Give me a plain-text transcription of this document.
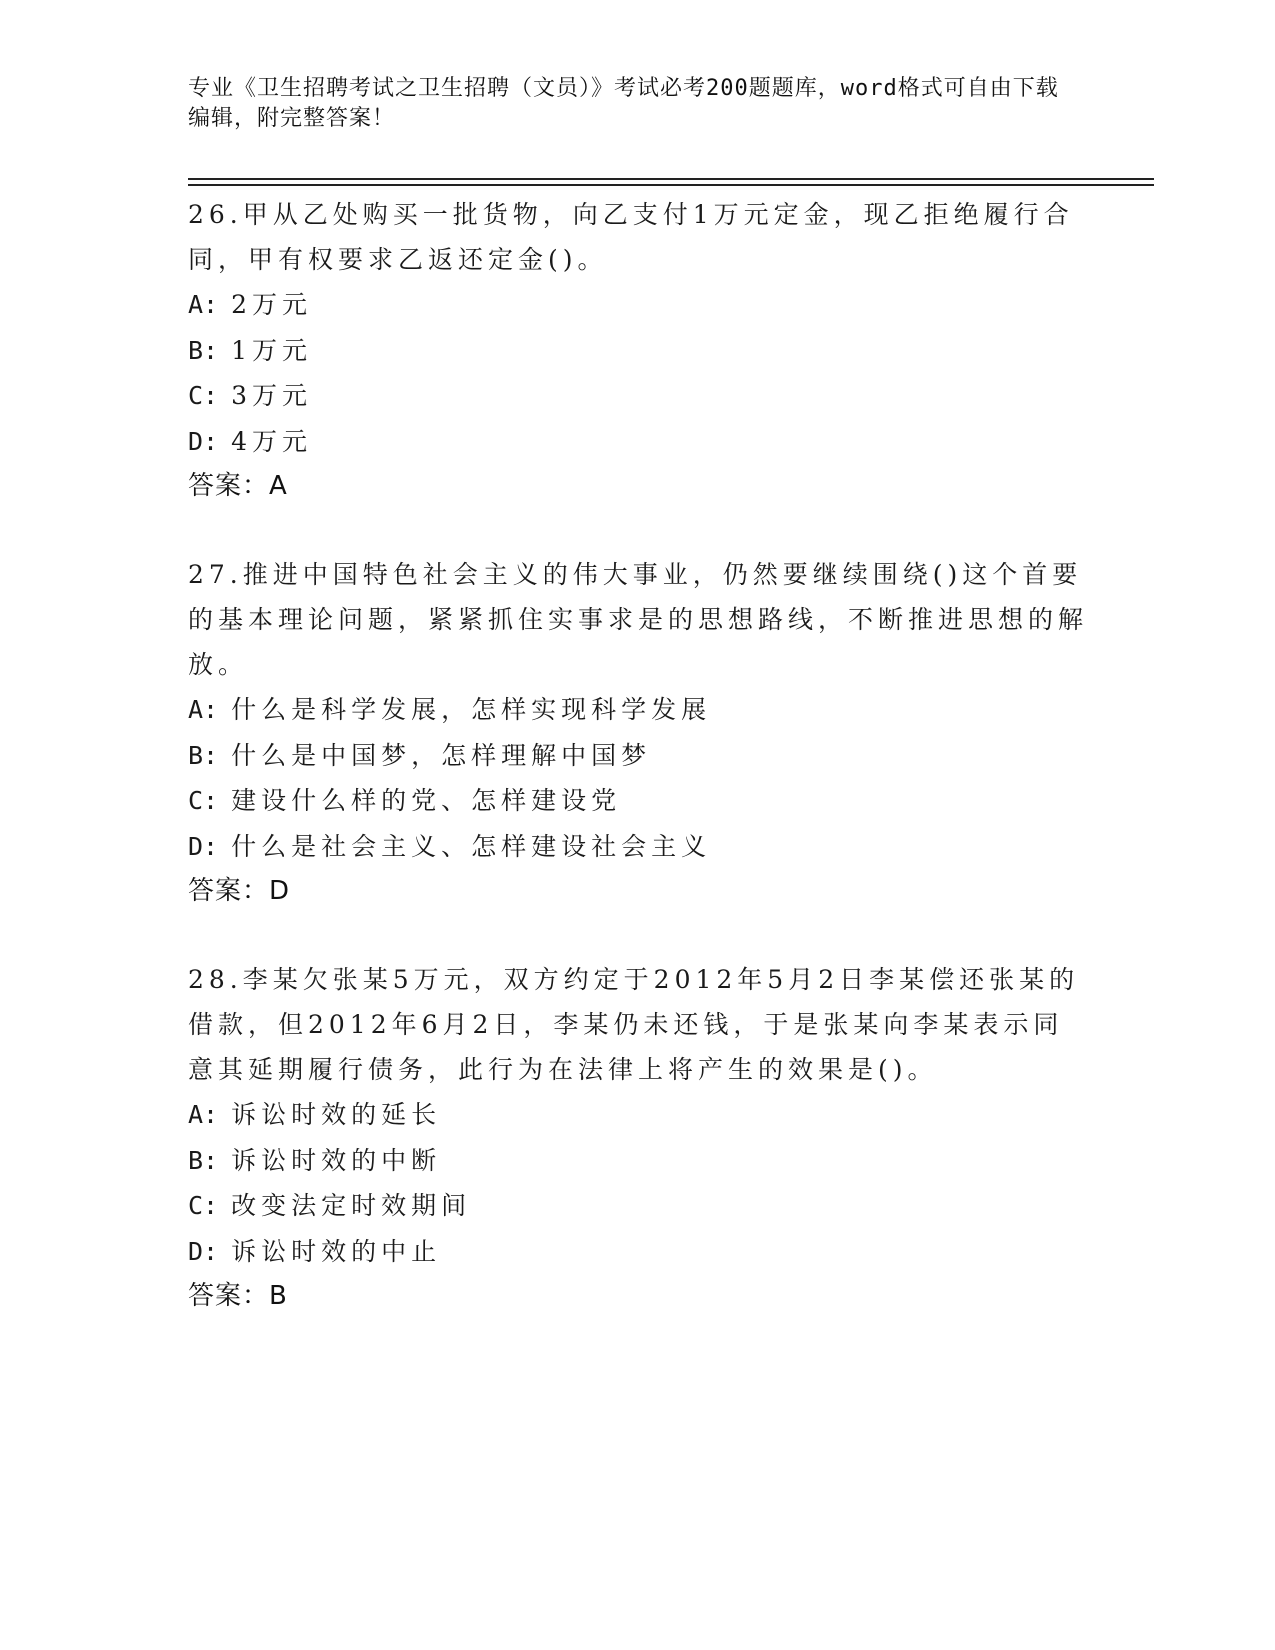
专业《卫生招聘考试之卫生招聘（文员）》考试必考200题题库，word格式可自由下载编辑，附完整答案！
26.甲从乙处购买一批货物，向乙支付1万元定金，现乙拒绝履行合同，甲有权要求乙返还定金()。
A: 2万元
B: 1万元
C: 3万元
D: 4万元
答案：A
27.推进中国特色社会主义的伟大事业，仍然要继续围绕()这个首要的基本理论问题，紧紧抓住实事求是的思想路线，不断推进思想的解放。
A: 什么是科学发展，怎样实现科学发展
B: 什么是中国梦，怎样理解中国梦
C: 建设什么样的党、怎样建设党
D: 什么是社会主义、怎样建设社会主义
答案：D
28.李某欠张某5万元，双方约定于2012年5月2日李某偿还张某的借款，但2012年6月2日，李某仍未还钱，于是张某向李某表示同意其延期履行债务，此行为在法律上将产生的效果是()。
A: 诉讼时效的延长
B: 诉讼时效的中断
C: 改变法定时效期间
D: 诉讼时效的中止
答案：B
